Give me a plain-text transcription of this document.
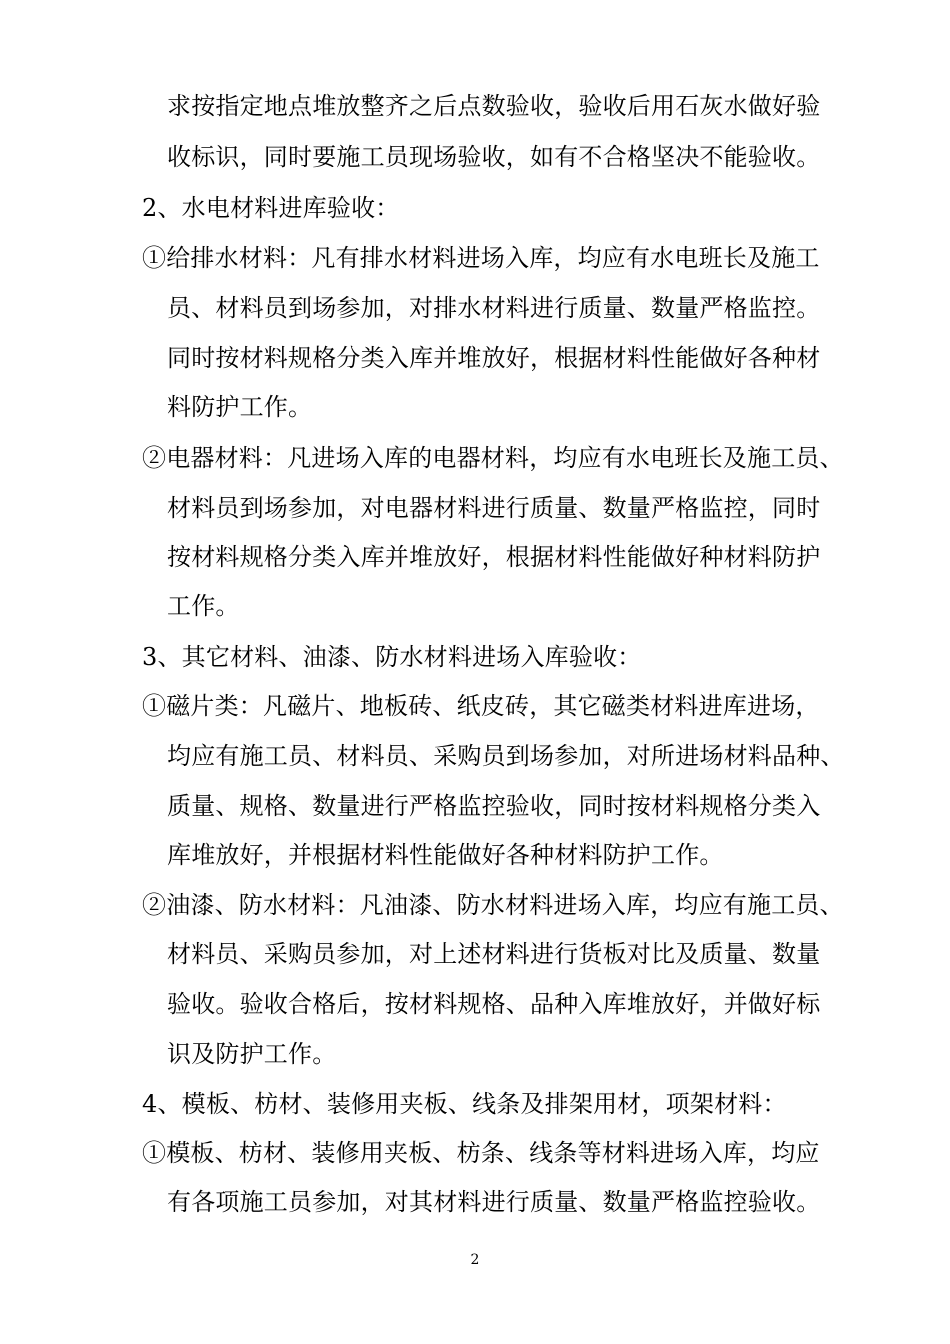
求按指定地点堆放整齐之后点数验收，验收后用石灰水做好验
收标识，同时要施工员现场验收，如有不合格坚决不能验收。
2、水电材料进库验收：
①给排水材料：凡有排水材料进场入库，均应有水电班长及施工
员、材料员到场参加，对排水材料进行质量、数量严格监控。
同时按材料规格分类入库并堆放好，根据材料性能做好各种材
料防护工作。
②电器材料：凡进场入库的电器材料，均应有水电班长及施工员、
材料员到场参加，对电器材料进行质量、数量严格监控，同时
按材料规格分类入库并堆放好，根据材料性能做好种材料防护
工作。
3、其它材料、油漆、防水材料进场入库验收：
①磁片类：凡磁片、地板砖、纸皮砖，其它磁类材料进库进场，
均应有施工员、材料员、采购员到场参加，对所进场材料品种、
质量、规格、数量进行严格监控验收，同时按材料规格分类入
库堆放好，并根据材料性能做好各种材料防护工作。
②油漆、防水材料：凡油漆、防水材料进场入库，均应有施工员、
材料员、采购员参加，对上述材料进行货板对比及质量、数量
验收。验收合格后，按材料规格、品种入库堆放好，并做好标
识及防护工作。
4、模板、枋材、装修用夹板、线条及排架用材，项架材料：
①模板、枋材、装修用夹板、枋条、线条等材料进场入库，均应
有各项施工员参加，对其材料进行质量、数量严格监控验收。
2
